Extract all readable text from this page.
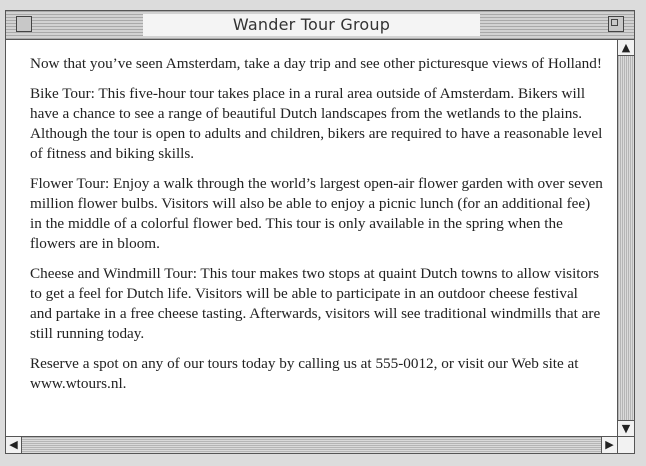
Wander Tour Group

Now that you’ve seen Amsterdam, take a day trip and see other picturesque views of Holland!

Bike Tour: This five-hour tour takes place in a rural area outside of Amsterdam. Bikers will have a chance to see a range of beautiful Dutch landscapes from the wetlands to the plains. Although the tour is open to adults and children, bikers are required to have a reasonable level of fitness and biking skills.

Flower Tour: Enjoy a walk through the world’s largest open-air flower garden with over seven million flower bulbs. Visitors will also be able to enjoy a picnic lunch (for an additional fee) in the middle of a colorful flower bed. This tour is only available in the spring when the flowers are in bloom.

Cheese and Windmill Tour: This tour makes two stops at quaint Dutch towns to allow visitors to get a feel for Dutch life. Visitors will be able to participate in an outdoor cheese festival and partake in a free cheese tasting. Afterwards, visitors will see traditional windmills that are still running today.

Reserve a spot on any of our tours today by calling us at 555-0012, or visit our Web site at www.wtours.nl.

▲
▼
◀	▶
